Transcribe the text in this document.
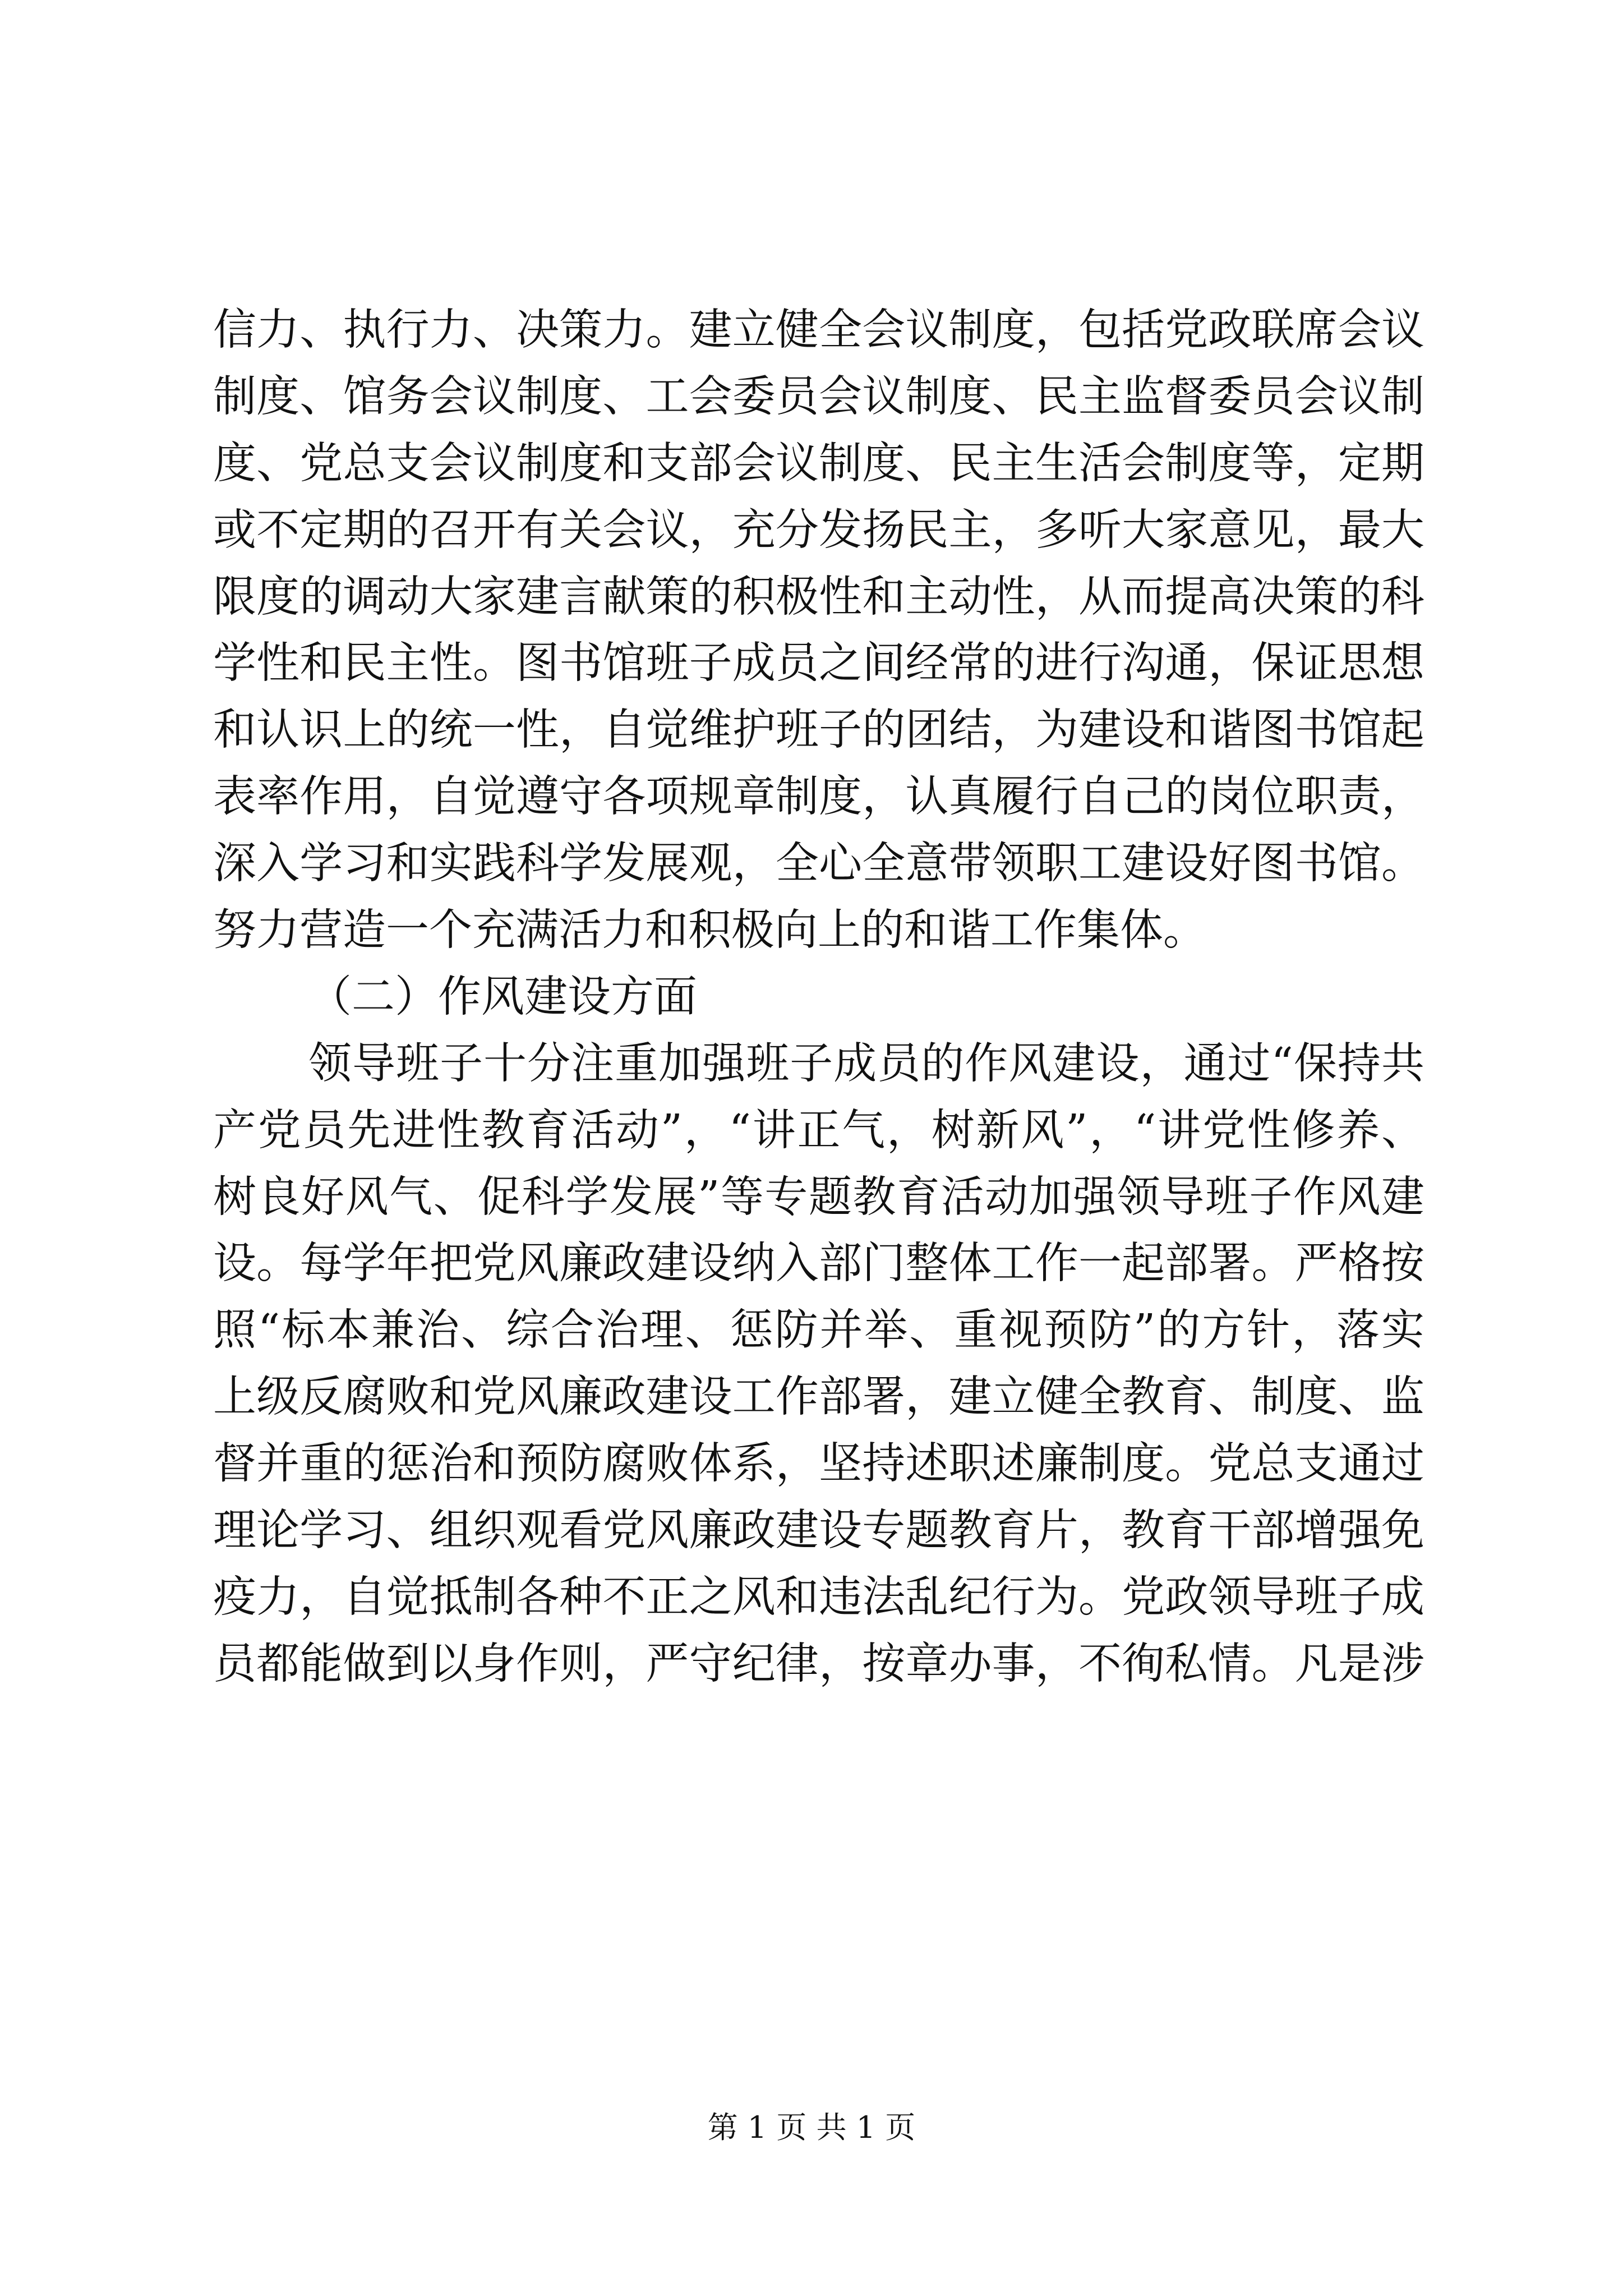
信力、执行力、决策力。建立健全会议制度，包括党政联席会议
制度、馆务会议制度、工会委员会议制度、民主监督委员会议制
度、党总支会议制度和支部会议制度、民主生活会制度等，定期
或不定期的召开有关会议，充分发扬民主，多听大家意见，最大
限度的调动大家建言献策的积极性和主动性，从而提高决策的科
学性和民主性。图书馆班子成员之间经常的进行沟通，保证思想
和认识上的统一性，自觉维护班子的团结，为建设和谐图书馆起
表率作用，自觉遵守各项规章制度，认真履行自己的岗位职责，
深入学习和实践科学发展观，全心全意带领职工建设好图书馆。
努力营造一个充满活力和积极向上的和谐工作集体。
（二）作风建设方面
领导班子十分注重加强班子成员的作风建设，通过“保持共
产党员先进性教育活动”，“讲正气，树新风”，“讲党性修养、
树良好风气、促科学发展”等专题教育活动加强领导班子作风建
设。每学年把党风廉政建设纳入部门整体工作一起部署。严格按
照“标本兼治、综合治理、惩防并举、重视预防”的方针，落实
上级反腐败和党风廉政建设工作部署，建立健全教育、制度、监
督并重的惩治和预防腐败体系，坚持述职述廉制度。党总支通过
理论学习、组织观看党风廉政建设专题教育片，教育干部增强免
疫力，自觉抵制各种不正之风和违法乱纪行为。党政领导班子成
员都能做到以身作则，严守纪律，按章办事，不徇私情。凡是涉
第 1 页 共 1 页
